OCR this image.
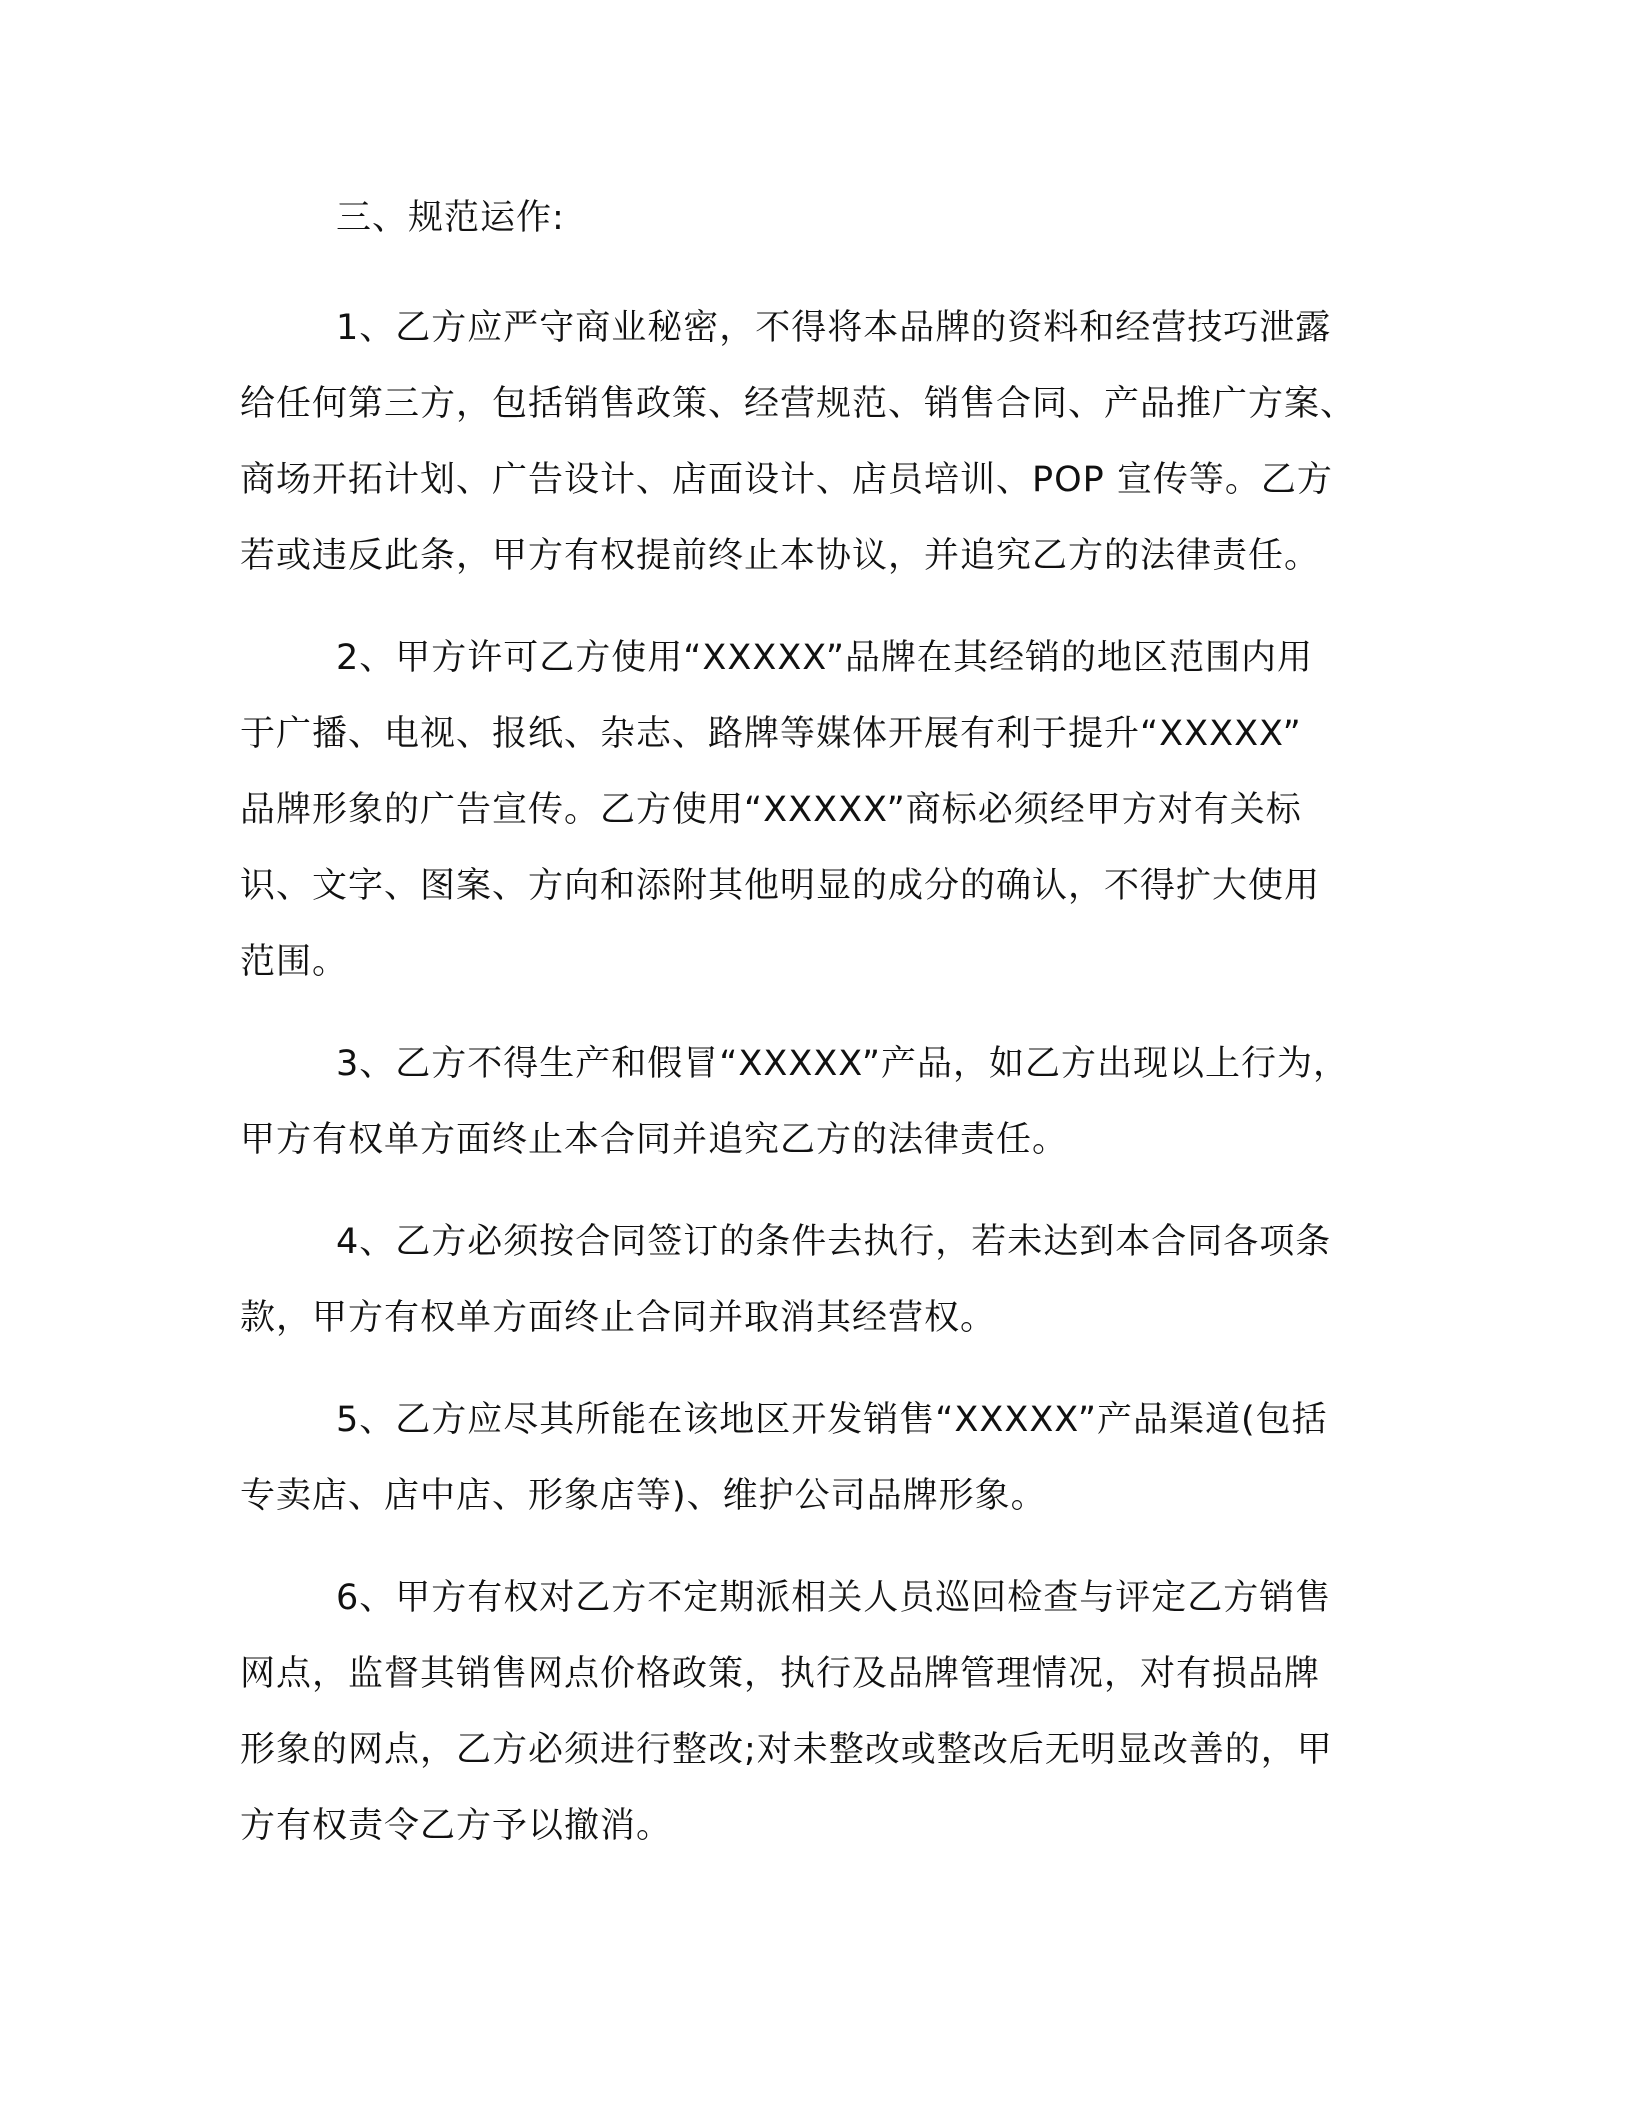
三、规范运作:
1、乙方应严守商业秘密，不得将本品牌的资料和经营技巧泄露
给任何第三方，包括销售政策、经营规范、销售合同、产品推广方案、
商场开拓计划、广告设计、店面设计、店员培训、POP 宣传等。乙方
若或违反此条，甲方有权提前终止本协议，并追究乙方的法律责任。
2、甲方许可乙方使用“XXXXX”品牌在其经销的地区范围内用
于广播、电视、报纸、杂志、路牌等媒体开展有利于提升“XXXXX”
品牌形象的广告宣传。乙方使用“XXXXX”商标必须经甲方对有关标
识、文字、图案、方向和添附其他明显的成分的确认，不得扩大使用
范围。
3、乙方不得生产和假冒“XXXXX”产品，如乙方出现以上行为，
甲方有权单方面终止本合同并追究乙方的法律责任。
4、乙方必须按合同签订的条件去执行，若未达到本合同各项条
款，甲方有权单方面终止合同并取消其经营权。
5、乙方应尽其所能在该地区开发销售“XXXXX”产品渠道(包括
专卖店、店中店、形象店等)、维护公司品牌形象。
6、甲方有权对乙方不定期派相关人员巡回检查与评定乙方销售
网点，监督其销售网点价格政策，执行及品牌管理情况，对有损品牌
形象的网点，乙方必须进行整改;对未整改或整改后无明显改善的，甲
方有权责令乙方予以撤消。
